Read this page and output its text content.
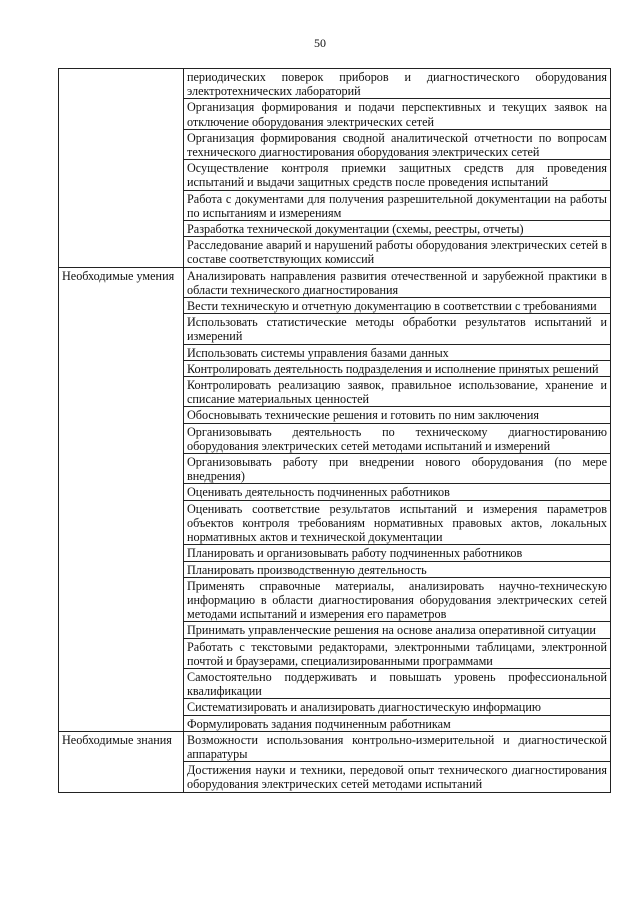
50
	периодических поверок приборов и диагностического оборудования электротехнических лабораторий
	Организация формирования и подачи перспективных и текущих заявок на отключение оборудования электрических сетей
	Организация формирования сводной аналитической отчетности по вопросам технического диагностирования оборудования электрических сетей
	Осуществление контроля приемки защитных средств для проведения испытаний и выдачи защитных средств после проведения испытаний
	Работа с документами для получения разрешительной документации на работы по испытаниям и измерениям
	Разработка технической документации (схемы, реестры, отчеты)
	Расследование аварий и нарушений работы оборудования электрических сетей в составе соответствующих комиссий
Необходимые умения	Анализировать направления развития отечественной и зарубежной практики в области технического диагностирования
	Вести техническую и отчетную документацию в соответствии с требованиями
	Использовать статистические методы обработки результатов испытаний и измерений
	Использовать системы управления базами данных
	Контролировать деятельность подразделения и исполнение принятых решений
	Контролировать реализацию заявок, правильное использование, хранение и списание материальных ценностей
	Обосновывать технические решения и готовить по ним заключения
	Организовывать деятельность по техническому диагностированию оборудования электрических сетей методами испытаний и измерений
	Организовывать работу при внедрении нового оборудования (по мере внедрения)
	Оценивать деятельность подчиненных работников
	Оценивать соответствие результатов испытаний и измерения параметров объектов контроля требованиям нормативных правовых актов, локальных нормативных актов и технической документации
	Планировать и организовывать работу подчиненных работников
	Планировать производственную деятельность
	Применять справочные материалы, анализировать научно-техническую информацию в области диагностирования оборудования электрических сетей методами испытаний и измерения его параметров
	Принимать управленческие решения на основе анализа оперативной ситуации
	Работать с текстовыми редакторами, электронными таблицами, электронной почтой и браузерами, специализированными программами
	Самостоятельно поддерживать и повышать уровень профессиональной квалификации
	Систематизировать и анализировать диагностическую информацию
	Формулировать задания подчиненным работникам
Необходимые знания	Возможности использования контрольно-измерительной и диагностической аппаратуры
	Достижения науки и техники, передовой опыт технического диагностирования оборудования электрических сетей методами испытаний
